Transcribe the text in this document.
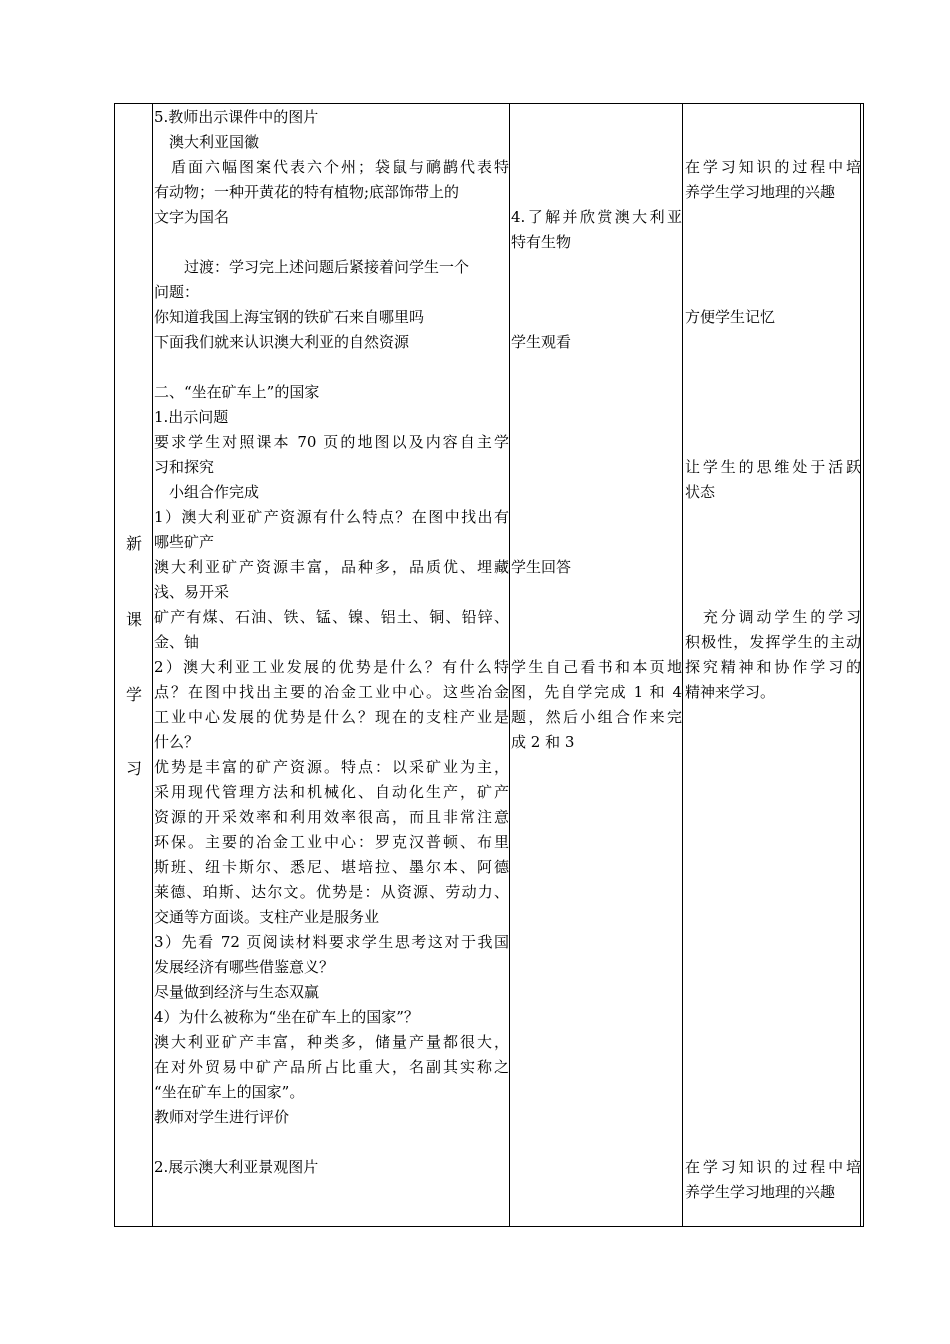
新
课
学
习
5.教师出示课件中的图片
　澳大利亚国徽
　盾面六幅图案代表六个州；袋鼠与鸸鹋代表特
有动物；一种开黄花的特有植物;底部饰带上的
文字为国名
　　过渡：学习完上述问题后紧接着问学生一个
问题：
你知道我国上海宝钢的铁矿石来自哪里吗
下面我们就来认识澳大利亚的自然资源
二、“坐在矿车上”的国家
1.出示问题
要求学生对照课本 70 页的地图以及内容自主学
习和探究
　小组合作完成
1）澳大利亚矿产资源有什么特点？在图中找出有
哪些矿产
澳大利亚矿产资源丰富，品种多，品质优、埋藏
浅、易开采
矿产有煤、石油、铁、锰、镍、铝土、铜、铅锌、
金、铀
2）澳大利亚工业发展的优势是什么？有什么特
点？在图中找出主要的冶金工业中心。这些冶金
工业中心发展的优势是什么？现在的支柱产业是
什么？
优势是丰富的矿产资源。特点：以采矿业为主，
采用现代管理方法和机械化、自动化生产，矿产
资源的开采效率和利用效率很高，而且非常注意
环保。主要的冶金工业中心：罗克汉普顿、布里
斯班、纽卡斯尔、悉尼、堪培拉、墨尔本、阿德
莱德、珀斯、达尔文。优势是：从资源、劳动力、
交通等方面谈。支柱产业是服务业
3）先看 72 页阅读材料要求学生思考这对于我国
发展经济有哪些借鉴意义？
尽量做到经济与生态双赢
4）为什么被称为“坐在矿车上的国家”？
澳大利亚矿产丰富，种类多，储量产量都很大，
在对外贸易中矿产品所占比重大，名副其实称之
“坐在矿车上的国家”。
教师对学生进行评价
2.展示澳大利亚景观图片
4.了解并欣赏澳大利亚
特有生物
学生观看
学生回答
学生自己看书和本页地
图，先自学完成 1 和 4
题，然后小组合作来完
成 2 和 3
在学习知识的过程中培
养学生学习地理的兴趣
方便学生记忆
让学生的思维处于活跃
状态
　充分调动学生的学习
积极性，发挥学生的主动
探究精神和协作学习的
精神来学习。
在学习知识的过程中培
养学生学习地理的兴趣
